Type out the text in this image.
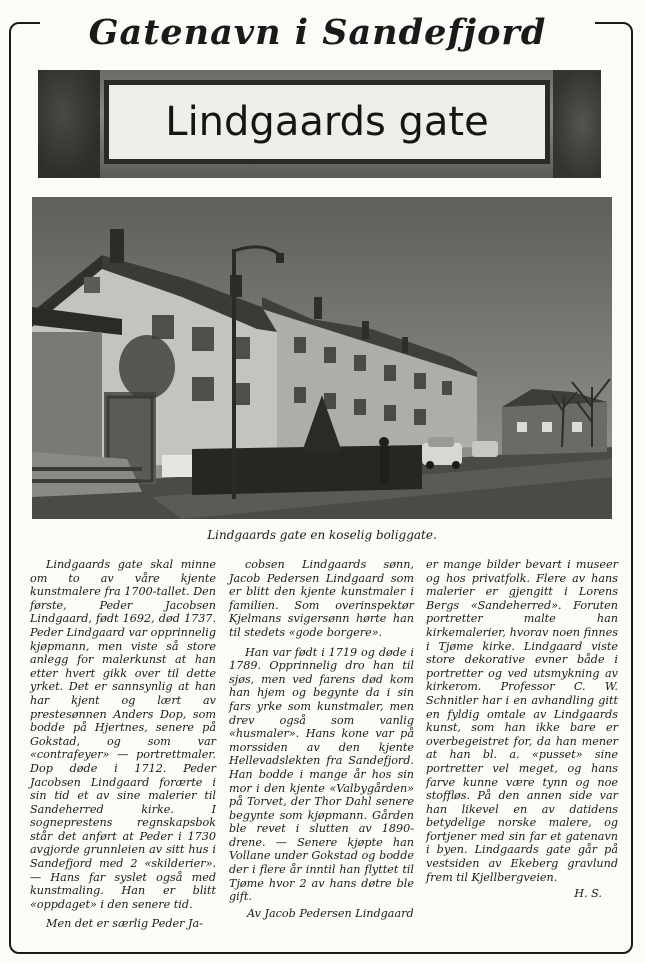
Gatenavn i Sandefjord
Lindgaards gate
Lindgaards gate en koselig boliggate.

Lindgaards gate skal minne om to av våre kjente kunstmalere fra 1700-tallet. Den første, Peder Jacobsen Lindgaard, født 1692, død 1737. Peder Lindgaard var opprinnelig kjøpmann, men viste så store anlegg for malerkunst at han etter hvert gikk over til dette yrket. Det er sannsynlig at han har kjent og lært av prestesønnen Anders Dop, som bodde på Hjertnes, senere på Gokstad, og som var «contrafeyer» — portrettmaler. Dop døde i 1712. Peder Jacobsen Lindgaard forærte i sin tid et av sine malerier til Sandeherred kirke. I sogneprestens regnskapsbok står det anført at Peder i 1730 avgjorde grunnleien av sitt hus i Sandefjord med 2 «skilderier». — Hans far syslet også med kunstmaling. Han er blitt «oppdaget» i den senere tid.

Men det er særlig Peder Ja-

cobsen Lindgaards sønn, Jacob Pedersen Lindgaard som er blitt den kjente kunstmaler i familien. Som overinspektør Kjelmans svigersønn hørte han til stedets «gode borgere».

Han var født i 1719 og døde i 1789. Opprinnelig dro han til sjøs, men ved farens død kom han hjem og begynte da i sin fars yrke som kunstmaler, men drev også som vanlig «husmaler». Hans kone var på morssiden av den kjente Hellevadslekten fra Sandefjord. Han bodde i mange år hos sin mor i den kjente «Valbygården» på Torvet, der Thor Dahl senere begynte som kjøpmann. Gården ble revet i slutten av 1890-drene. — Senere kjøpte han Vollane under Gokstad og bodde der i flere år inntil han flyttet til Tjøme hvor 2 av hans døtre ble gift.

Av Jacob Pedersen Lindgaard

er mange bilder bevart i museer og hos privatfolk. Flere av hans malerier er gjengitt i Lorens Bergs «Sandeherred». Foruten portretter malte han kirkemalerier, hvorav noen finnes i Tjøme kirke. Lindgaard viste store dekorative evner både i portretter og ved utsmykning av kirkerom. Professor C. W. Schnitler har i en avhandling gitt en fyldig omtale av Lindgaards kunst, som han ikke bare er overbegeistret for, da han mener at han bl. a. «pusset» sine portretter vel meget, og hans farve kunne være tynn og noe stoffløs. På den annen side var han likevel en av datidens betydelige norske malere, og fortjener med sin far et gatenavn i byen. Lindgaards gate går på vestsiden av Ekeberg gravlund frem til Kjellbergveien.

H. S.
